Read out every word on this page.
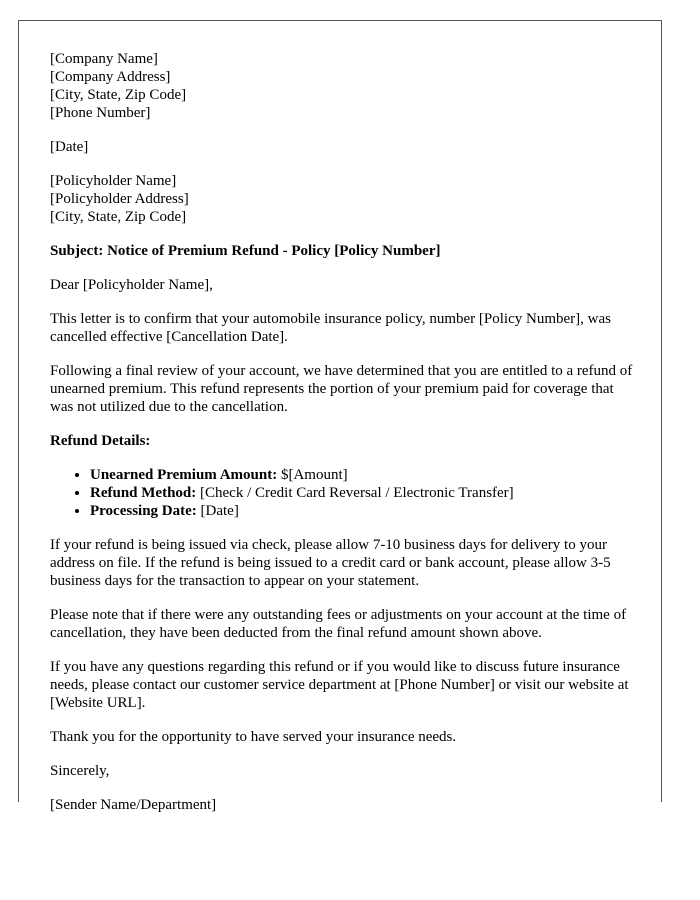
[Company Name]
[Company Address]
[City, State, Zip Code]
[Phone Number]
[Date]
[Policyholder Name]
[Policyholder Address]
[City, State, Zip Code]

Subject: Notice of Premium Refund - Policy [Policy Number]

Dear [Policyholder Name],

This letter is to confirm that your automobile insurance policy, number [Policy Number], was cancelled effective [Cancellation Date].

Following a final review of your account, we have determined that you are entitled to a refund of unearned premium. This refund represents the portion of your premium paid for coverage that was not utilized due to the cancellation.

Refund Details:
• Unearned Premium Amount: $[Amount]
• Refund Method: [Check / Credit Card Reversal / Electronic Transfer]
• Processing Date: [Date]

If your refund is being issued via check, please allow 7-10 business days for delivery to your address on file. If the refund is being issued to a credit card or bank account, please allow 3-5 business days for the transaction to appear on your statement.

Please note that if there were any outstanding fees or adjustments on your account at the time of cancellation, they have been deducted from the final refund amount shown above.

If you have any questions regarding this refund or if you would like to discuss future insurance needs, please contact our customer service department at [Phone Number] or visit our website at [Website URL].

Thank you for the opportunity to have served your insurance needs.

Sincerely,

[Sender Name/Department]
